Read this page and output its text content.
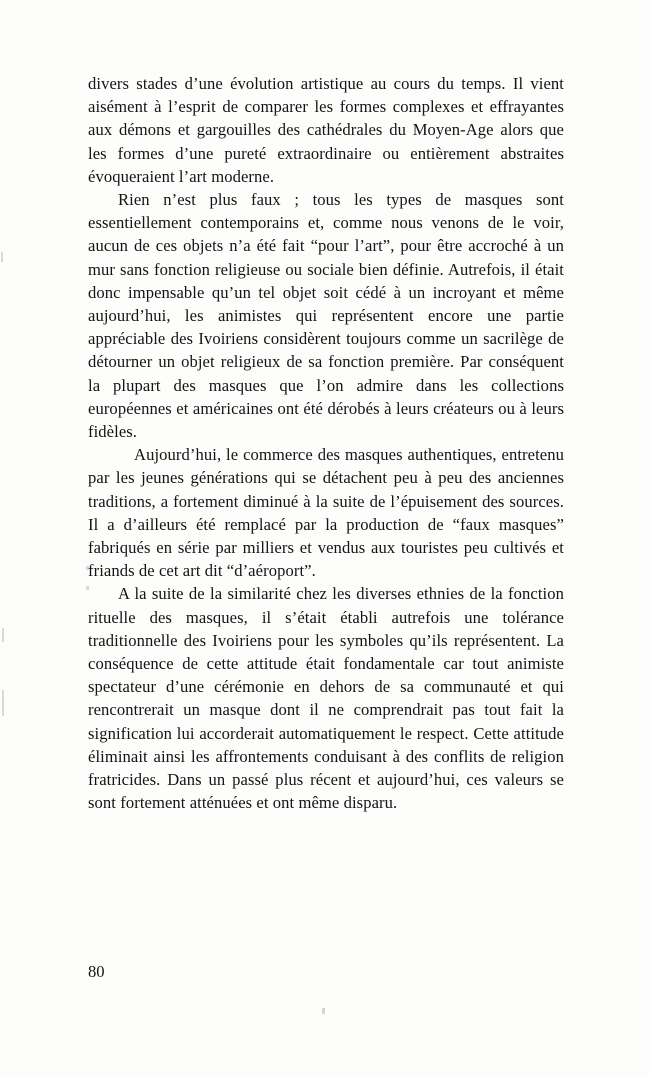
divers stades d’une évolution artistique au cours du temps. Il vient aisément à l’esprit de comparer les formes complexes et effrayantes aux démons et gargouilles des cathédrales du Moyen-Age alors que les formes d’une pureté extraordinaire ou entièrement abstraites évoqueraient l’art moderne.

Rien n’est plus faux ; tous les types de masques sont essentiellement contemporains et, comme nous venons de le voir, aucun de ces objets n’a été fait “pour l’art”, pour être accroché à un mur sans fonction religieuse ou sociale bien définie. Autrefois, il était donc impensable qu’un tel objet soit cédé à un incroyant et même aujourd’hui, les animistes qui représentent encore une partie appréciable des Ivoiriens considèrent toujours comme un sacrilège de détourner un objet religieux de sa fonction première. Par conséquent la plupart des masques que l’on admire dans les collections européennes et américaines ont été dérobés à leurs créateurs ou à leurs fidèles.

Aujourd’hui, le commerce des masques authentiques, entretenu par les jeunes générations qui se détachent peu à peu des anciennes traditions, a fortement diminué à la suite de l’épuisement des sources. Il a d’ailleurs été remplacé par la production de “faux masques” fabriqués en série par milliers et vendus aux touristes peu cultivés et friands de cet art dit “d’aéroport”.

A la suite de la similarité chez les diverses ethnies de la fonction rituelle des masques, il s’était établi autrefois une tolérance traditionnelle des Ivoiriens pour les symboles qu’ils représentent. La conséquence de cette attitude était fondamentale car tout animiste spectateur d’une cérémonie en dehors de sa communauté et qui rencontrerait un masque dont il ne comprendrait pas tout fait la signification lui accorderait automatiquement le respect. Cette attitude éliminait ainsi les affrontements conduisant à des conflits de religion fratricides. Dans un passé plus récent et aujourd’hui, ces valeurs se sont fortement atténuées et ont même disparu.

80
